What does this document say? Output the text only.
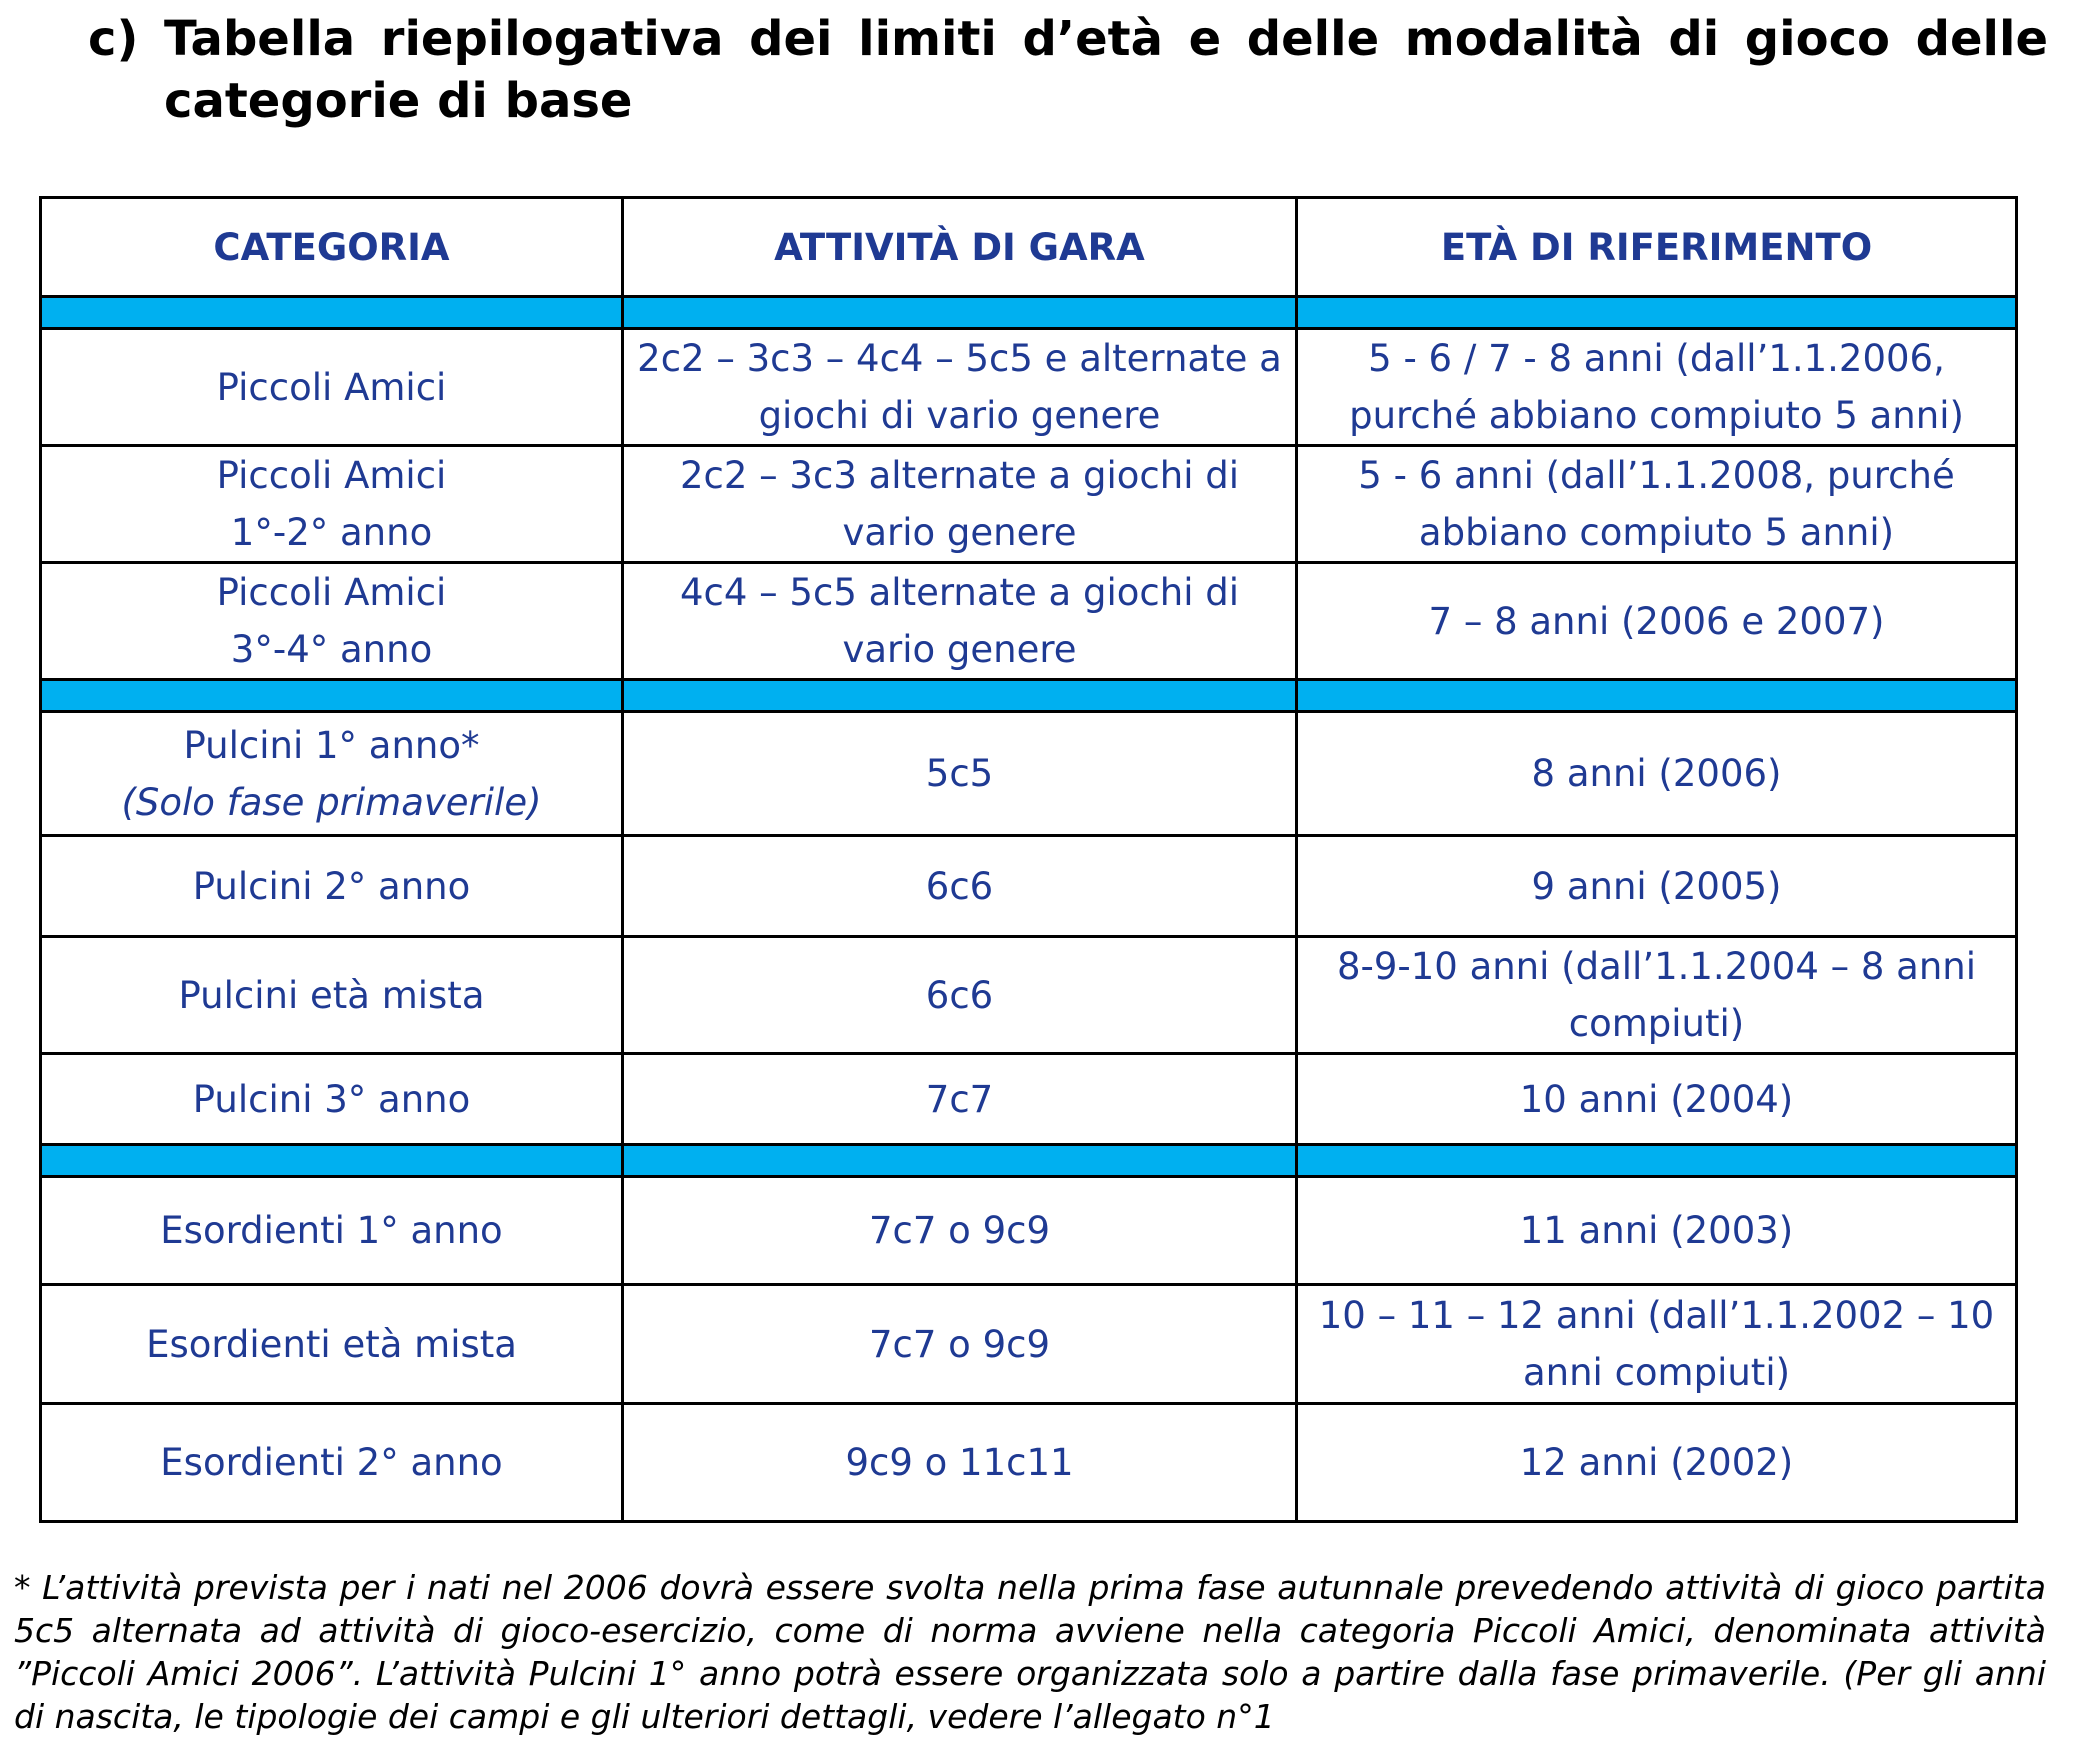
c) Tabella riepilogativa dei limiti d’età e delle modalità di gioco delle categorie di base
CATEGORIA	ATTIVITÀ DI GARA	ETÀ DI RIFERIMENTO

Piccoli Amici	2c2 – 3c3 – 4c4 – 5c5 e alternate a giochi di vario genere	5 - 6 / 7 - 8 anni (dall’1.1.2006, purché abbiano compiuto 5 anni)
Piccoli Amici
1°-2° anno	2c2 – 3c3 alternate a giochi di vario genere	5 - 6 anni (dall’1.1.2008, purché abbiano compiuto 5 anni)
Piccoli Amici
3°-4° anno	4c4 – 5c5 alternate a giochi di vario genere	7 – 8 anni (2006 e 2007)

Pulcini 1° anno*
(Solo fase primaverile)	5c5	8 anni (2006)
Pulcini 2° anno	6c6	9 anni (2005)
Pulcini età mista	6c6	8-9-10 anni (dall’1.1.2004 – 8 anni compiuti)
Pulcini 3° anno	7c7	10 anni (2004)

Esordienti 1° anno	7c7 o 9c9	11 anni (2003)
Esordienti età mista	7c7 o 9c9	10 – 11 – 12 anni (dall’1.1.2002 – 10 anni compiuti)
Esordienti 2° anno	9c9 o 11c11	12 anni (2002)
* L’attività prevista per i nati nel 2006 dovrà essere svolta nella prima fase autunnale prevedendo attività di gioco partita 5c5 alternata ad attività di gioco-esercizio, come di norma avviene nella categoria Piccoli Amici, denominata attività ”Piccoli Amici 2006”. L’attività Pulcini 1° anno potrà essere organizzata solo a partire dalla fase primaverile. (Per gli anni di nascita, le tipologie dei campi e gli ulteriori dettagli, vedere l’allegato n°1
